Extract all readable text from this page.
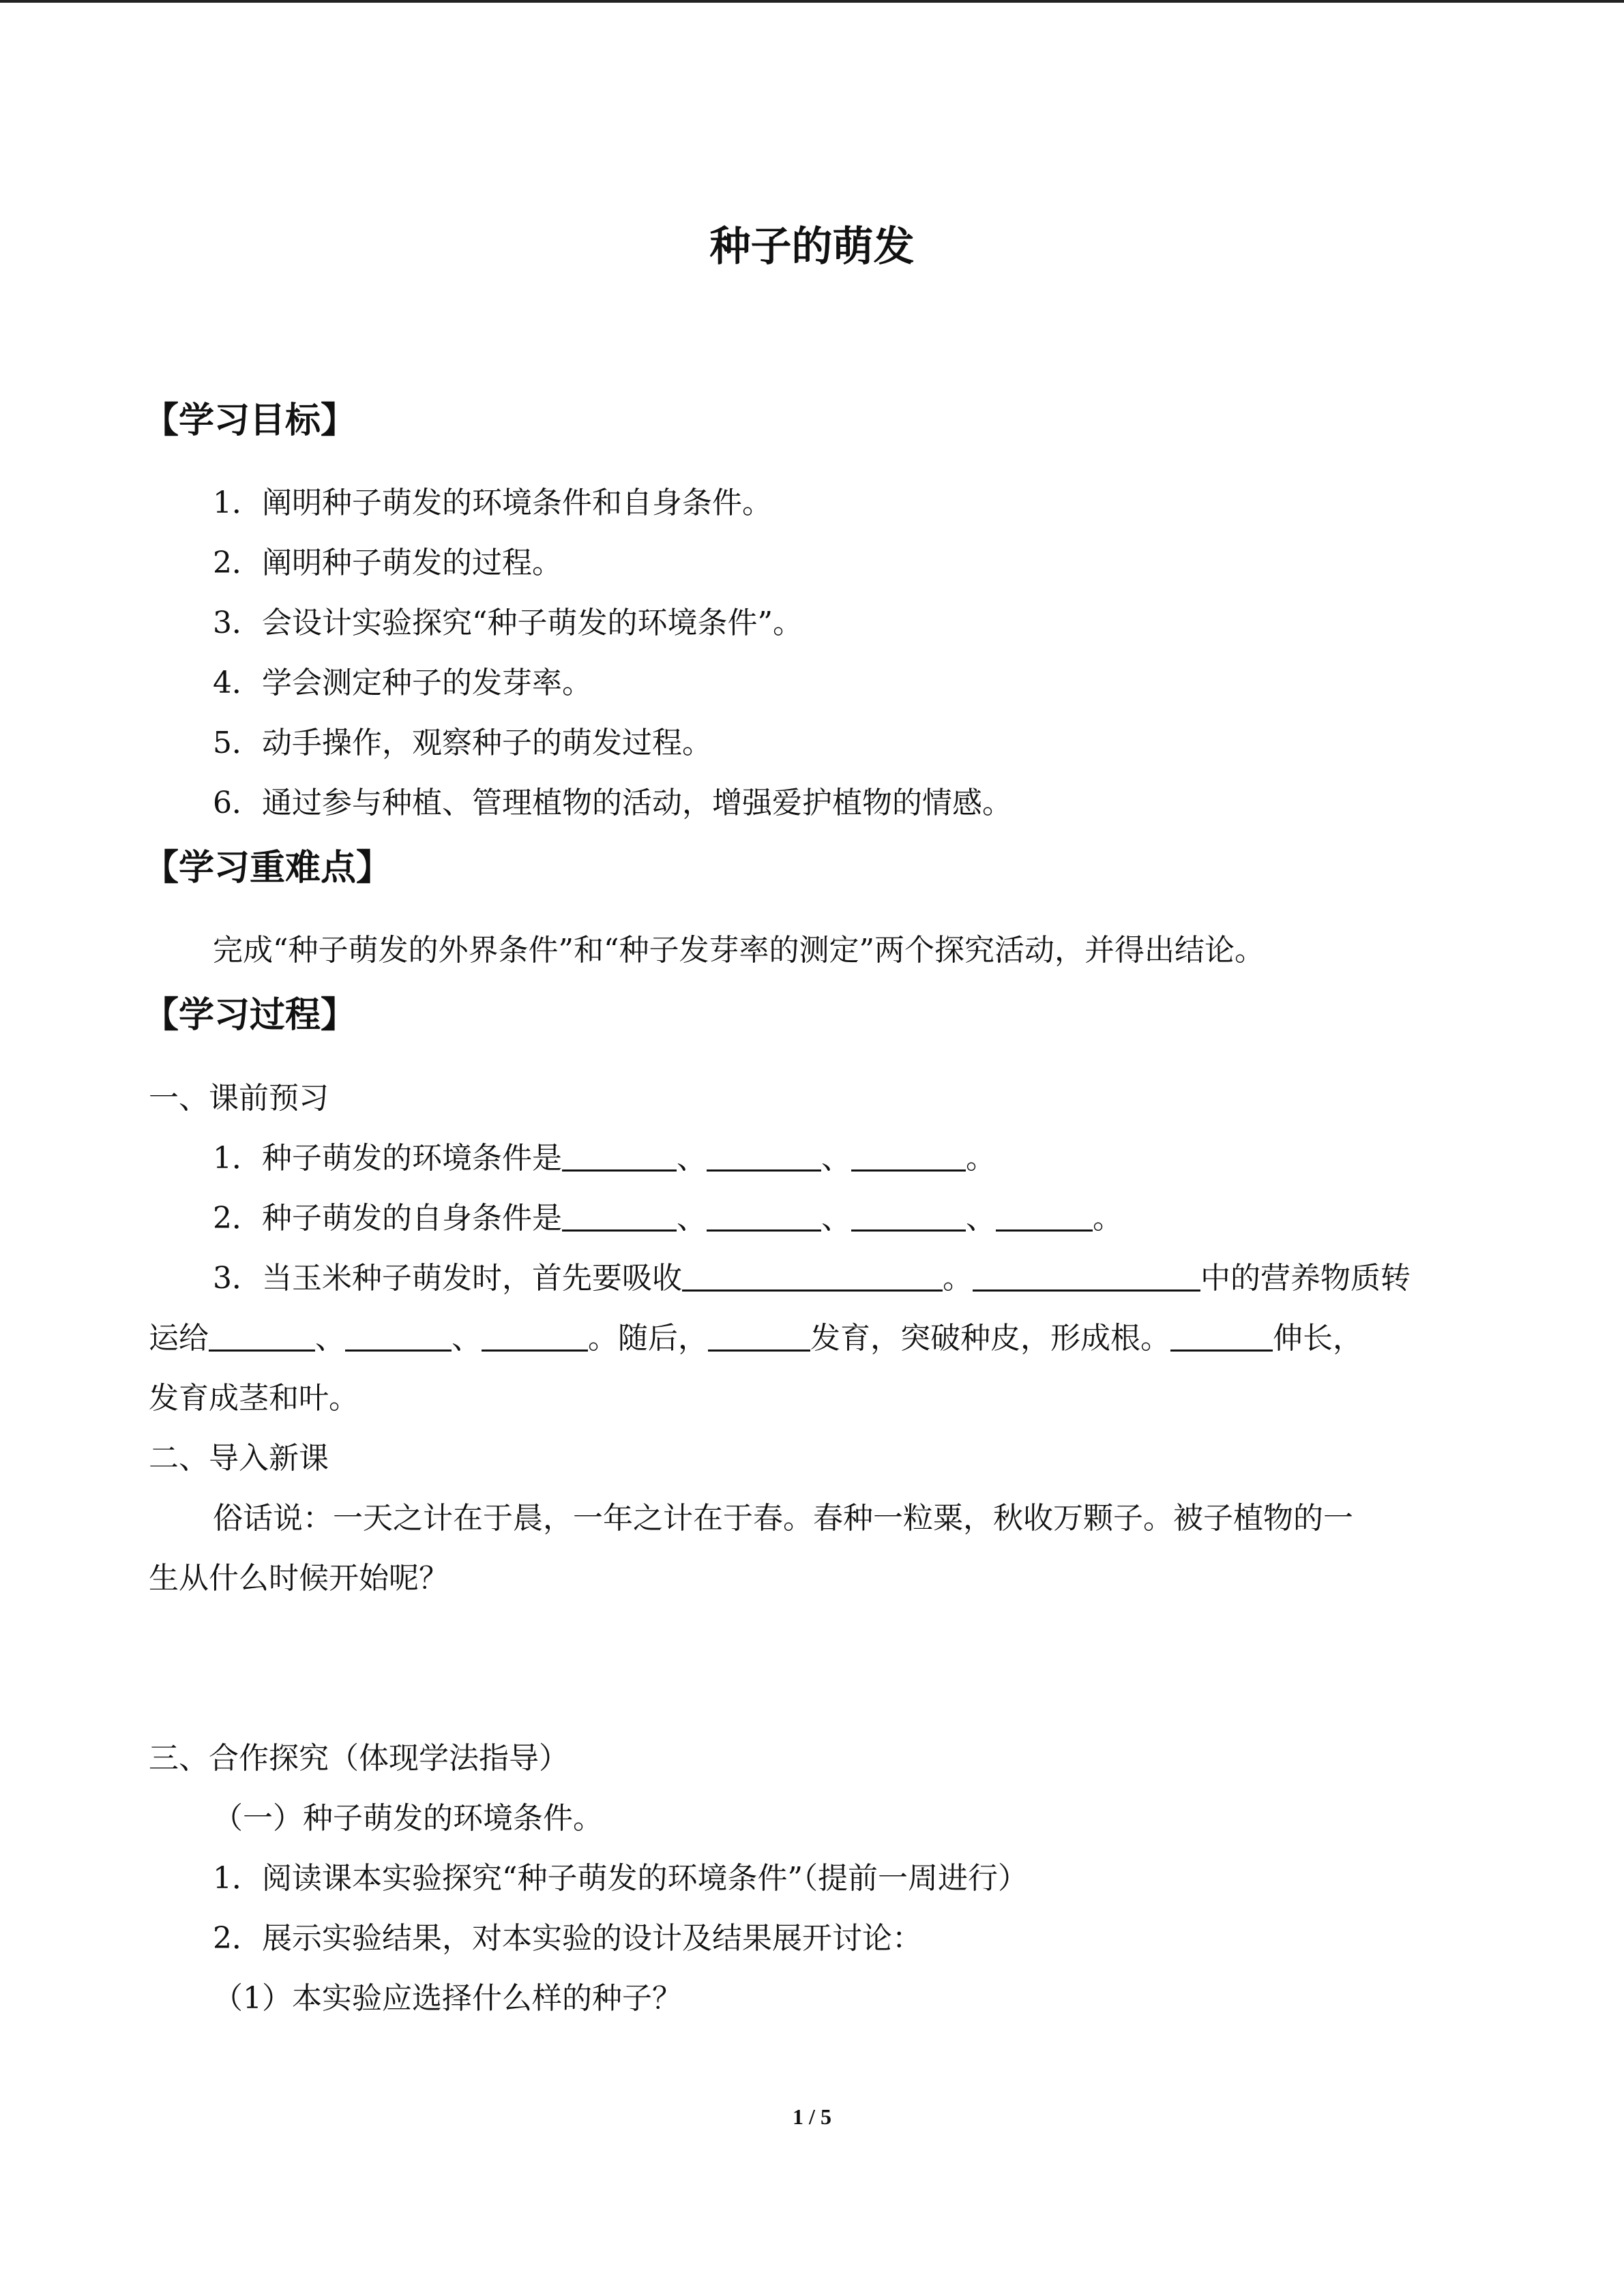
种子的萌发
【学习目标】
1．阐明种子萌发的环境条件和自身条件。
2．阐明种子萌发的过程。
3．会设计实验探究“种子萌发的环境条件”。
4．学会测定种子的发芽率。
5．动手操作，观察种子的萌发过程。
6．通过参与种植、管理植物的活动，增强爱护植物的情感。
【学习重难点】
完成“种子萌发的外界条件”和“种子发芽率的测定”两个探究活动，并得出结论。
【学习过程】
一、课前预习
1．种子萌发的环境条件是	、	、	。
2．种子萌发的自身条件是	、	、	、	。
3．当玉米种子萌发时，首先要吸收	。	中的营养物质转
运给	、	、	。随后，	发育，突破种皮，形成根。	伸长，
发育成茎和叶。
二、导入新课
俗话说：一天之计在于晨，一年之计在于春。春种一粒粟，秋收万颗子。被子植物的一
生从什么时候开始呢？
三、合作探究（体现学法指导）
（一）种子萌发的环境条件。
1．阅读课本实验探究“种子萌发的环境条件”（提前一周进行）
2．展示实验结果，对本实验的设计及结果展开讨论：
（1）本实验应选择什么样的种子？
1 / 5
